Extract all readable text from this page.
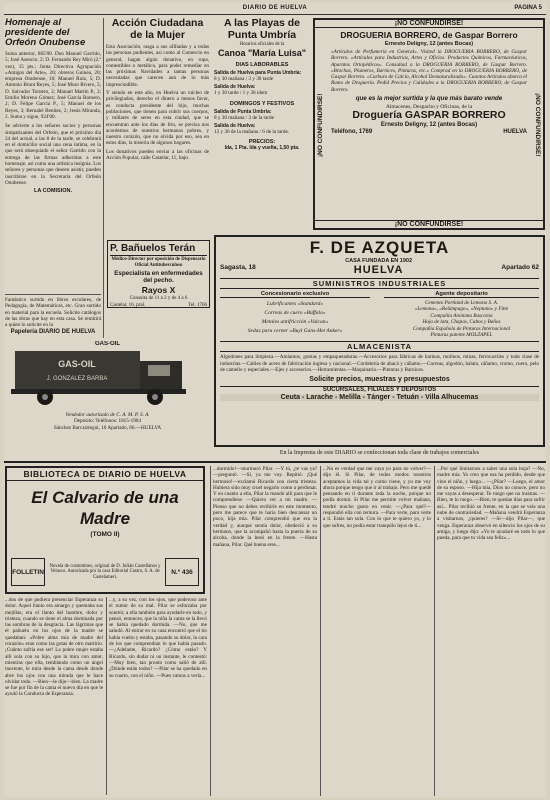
DIARIO DE HUELVA	PAGINA 5
Homenaje al presidente del Orfeón Onubense
Suma anterior, 865'00. Don Manuel Garrido, 5; José Asencio, 2; D. Fernando Rey Miró (2.ª vez), 15 pts.; Junta Directiva Agrupación «Amigos del Arte», 20; obreros Guinea, 20; empresa Onubense, 10; Manuel Ruiz, 5; D. Antonio Brunt Reyes, 5; José Muro Rivero, 5; D. Salvador Tornero, 2; Manuel Martín P., 2; Emilio Moreno Gómez; José García Romero, 2; D. Felipe García P., 5; Manuel de los Reyes, 3; Bernabé Benítez, 2; Jesús Miranda, 2. Suma y sigue, 924'00.
Se advierte a los señores socios y personas simpatizantes del Orfeón, que el próximo día 24 del actual, a las 8 de la tarde, se celebrará en el domicilio social una cena íntima, en la que será obsequiado el señor Garrido con la entrega de las firmas adheridas a este homenaje, así como una artística insignia. Los señores y personas que deseen asistir, pueden inscribirse en la Secretaría del Orfeón Onubense.
LA COMISION.
Fantástico surtido en libros escolares, de Pedagogía, de Matemáticas, etc. Gran surtido en material para la escuela. Solicite catálogos de las obras que hay en esta casa. Se remitirá a quien lo solicite en la
Papelería DIARIO DE HUELVA
Acción Ciudadana de la Mujer
Esta Asociación, rasga a sus afiliadas y a todas las personas pudientes, así como al Comercio en general, hagan algún donativo, en ropa, comestibles o metálico, para poder remediar en las próximas Navidades a tantas personas necesitadas que carecen aun de lo más imprescindible.
Y siendo en este año, en Huelva un núcleo de privilegiados, derecho el dinero a menos favor, es conducta presidente del hijo, muchas poblaciones, que tienen para cubrir sus cuerpos, y millares de seres en esta ciudad, que se encuentran ante los días de frío, se precisa nos acordemos de nuestros hermanos pobres, y nuestro corazón, que no olvida por eso, sea en estos días, la miseria de algunos hogares.
Los donativos pueden enviar a las oficinas de Acción Popular, calle Castelar, 11, bajo.
P. Bañuelos Terán
Médico-Director por oposición de Dispensario Oficial Antituberculoso
Especialista en enfermedades del pecho.
Rayos X
Consulta de 11 a 2 y de 4 a 6
Castelar, 16, pral.	Tel. 1766
GAS-OIL
GAS-OIL
J. GONZALEZ BARBA
Vendedor autorizado de C. A. M. P. S. A.
Depósito: Teléfonos: 1815-1904
Sánchez Barcaiztegui, 10 Apartado, 86.—HUELVA
A las Playas de Punta Umbría
Horarios oficiales de la
Canoa "María Luisa"
DIAS LABORABLES
Salida de Huelva para Punta Umbría:
8 y 30 mañana / 3 y 30 tarde
Salida de Huelva:
1 y 30 tarde / 1 y 30 idem
DOMINGOS Y FESTIVOS
Salida de Punta Umbría:
8 y 30 mañana / 3 de la tarde
Salida de Huelva:
12 y 30 de la mañana / 6 de la tarde.
PRECIOS:
Ida, 1 Pta. Ida y vuelta, 1,50 pta.
¡NO CONFUNDIRSE!
¡NO CONFUNDIRSE!	¡NO CONFUNDIRSE!
DROGUERIA BORRERO, de Gaspar Borrero
Ernesto Deligny, 12 (antes Bocas)
«Artículos de Perfumería en General». Visited la DROGUERIA BORRERO, de Gaspar Borrero. «Artículos para Industrias, Artes y Oficios. Productos Químicos, Farmacéuticos, Aparatos Ortopédicos». Consultad a la DROGUERIA BORRERO, de Gaspar Borrero. «Brochas, Plumeros, Barnices, Pinturas, etc.» Comprad en la DROGUERIA BORRERO, de Gaspar Borrero. «Carburo de Calcio, Alcohol Desnaturalizado». Cuantos Artículos abarca el Ramo de Droguería. Pedid Precios y Calidades a la DROGUERIA BORRERO, de Gaspar Borrero.
que es la mejor surtida y la que más barato vende
Almacenes, Despacho y Oficinas, de la
Droguería GASPAR BORRERO
Ernesto Deligny, 12 (antes Bocas)
Teléfono, 1769	HUELVA
¡NO CONFUNDIRSE!
F. DE AZQUETA
Sagasta, 18
CASA FUNDADA EN 1902
HUELVA	Apartado 62
SUMINISTROS INDUSTRIALES
Concesionario exclusivo
Lubrificantes «Standard»
Correas de cuero «Búffalo»
Metales antifricción «Vulcan»
Sedas para cerner «Buyl Gans-Het Anker»
Agente depositario
Cemento Portland de Lemona S. A.
«Lemona», «Relámpago», «Neptuno» y Fitte
Compañía Anónima Basconia
Hoja de lata, Chapas, Cubos y Baños
Compañía Española de Pinturas Internacional
Pinturas patente MOLZAPEL
ALMACENISTA
Algodones para limpieza.—Amiantos, gomas y empaquetaduras.—Accesorios para fábricas de harinas, molinos, minas, ferrocarriles y toda clase de industrias.—Cables de acero de fabricación inglesa y nacional.—Cordelería de abacá y cáñamo.—Correas, algodón, balata, cáñamo, cromo, cuero, pelo de camello y especiales.—Ejes y accesorios.—Herramientas.—Maquinaria.—Pinturas y Barnices.
Solicite precios, muestras y presupuestos
SUCURSALES, FILIALES Y DEPOSITOS
Ceuta - Larache - Melilla - Tánger - Tetuán - Villa Alhucemas
En la Imprenta de este DIARIO se confeccionan toda clase de trabajos comerciales
BIBLIOTECA DE DIARIO DE HUELVA
El Calvario de una Madre
(TOMO II)
FOLLETIN
Novela de costumbres, original de D. Julián Castellanos y Velasco. Autorizada por la casa Editorial Castro, S. A. de Castelameri.
N.º 436
...dos de que pudiera presenciar Esperanza su dolor. Aquel llanto era amargo y quemaba sus mejillas; era el llanto del hombre, dolor y tristeza, cuando se tiene el alma dominada por las sombras de la desgracia. Las lágrimas que el pañuelo en los ojos de la madre se quedaban: «Pobre alma mía de madre del corazón» eran como las gotas de otro martirio. ¡Cuánto sufría ese ser! La pobre mujer estaba allí sola con su hijo, que la mira con amor, mientras que ella, temblando como un ángel inocente, le mira desde la cama desde donde abre los ojos con una mirada que le hace olvidar todo. —Bien—le dijo—bien. La madre se fue por fin de la cama el nuevo día en que le ayudó la Conducta de Esperanza.
...y, a su vez, con los ojos, que poderoso ante el tumor de su mal. Pilar se esforzaba por sonreír, a ella también para ayudarle en todo, y pensó, entonces, que la niña la cama se la llevó se había quedado dormida. —No, que me saludó. Al entrar en su casa encontró que el tío había vuelto y estaba, pasando su dolor, la cara de los que comprendían lo que había pasado. —¿Adelante, Ricardo? ¿Cómo están? Y Ricardo, sin dudar ni un instante, le contestó: —Muy bien, tan pronto como salió de allí. ¿Dónde están todos? —Pilar se ha quedado en su cuarto, con el niño. —Pues vamos a verla...
...dormido!—murmuró Pilar. —Y tú, ¿te vas ya?—preguntó. —Sí, ya me voy. Repitió: ¡Qué hermoso!—exclamó Ricardo con cierta tristeza. Hubiera sido muy cruel negarlo como a perdonar. Y en cuanto a ella, Pilar la mandó allí para que le comprendiese. —Quiero ver a mi madre. —Pienso que no debes recibirle en este momento, pero me parece que te haría bien descansar un poco, hija mía. Pilar comprendió que era la verdad y, aunque sentía dolor, obedeció a su hermano, que la acompañó hasta la puerta de su alcoba, donde la besó en la frente. —Hasta mañana, Pilar. Qué buena eres...
...No es verdad que me vaya yo para no volver?—dijo él. Si Pilar, de todos modos nosotros aceptamos la vida tal y como viene, y yo me voy ahora porque tengo que ir al trabajo. Pero me quedé pensando en ti durante toda la noche, porque no podía dormir. Si Pilar me permite volver mañana, tendré mucho gusto en venir. —¿Para qué?—respondió ella con ternura. —Para verte, para verte a ti. Estás tan sola. Con lo que te quiero yo, y lo que sufres, no podía estar tranquilo lejos de ti...
...Por qué limitarnos a saber una sola hoja? —No, madre mía. Yo creo que esa ha perdido, desde que vino el niño, y luego... —¿Pilar? —Luego, el amor de su esposo. —Hija mía, Dios no conoce, pero no me vayas a desesperar. Te ruego que no insistas. —Bien, te lo ruego. —Bien; te quedan días para sufrir así... Pilar recibió su frente, en la que se veía una nube de contrariedad. —Mañana vendrá Esperanza a visitarnos, ¿quieres? —Sí—dijo Pilar—, que venga. Esperanza observó en silencio los ojos de su amiga, y luego dijo: «Yo te ayudaré en todo lo que pueda, para que tu vida sea feliz»...
